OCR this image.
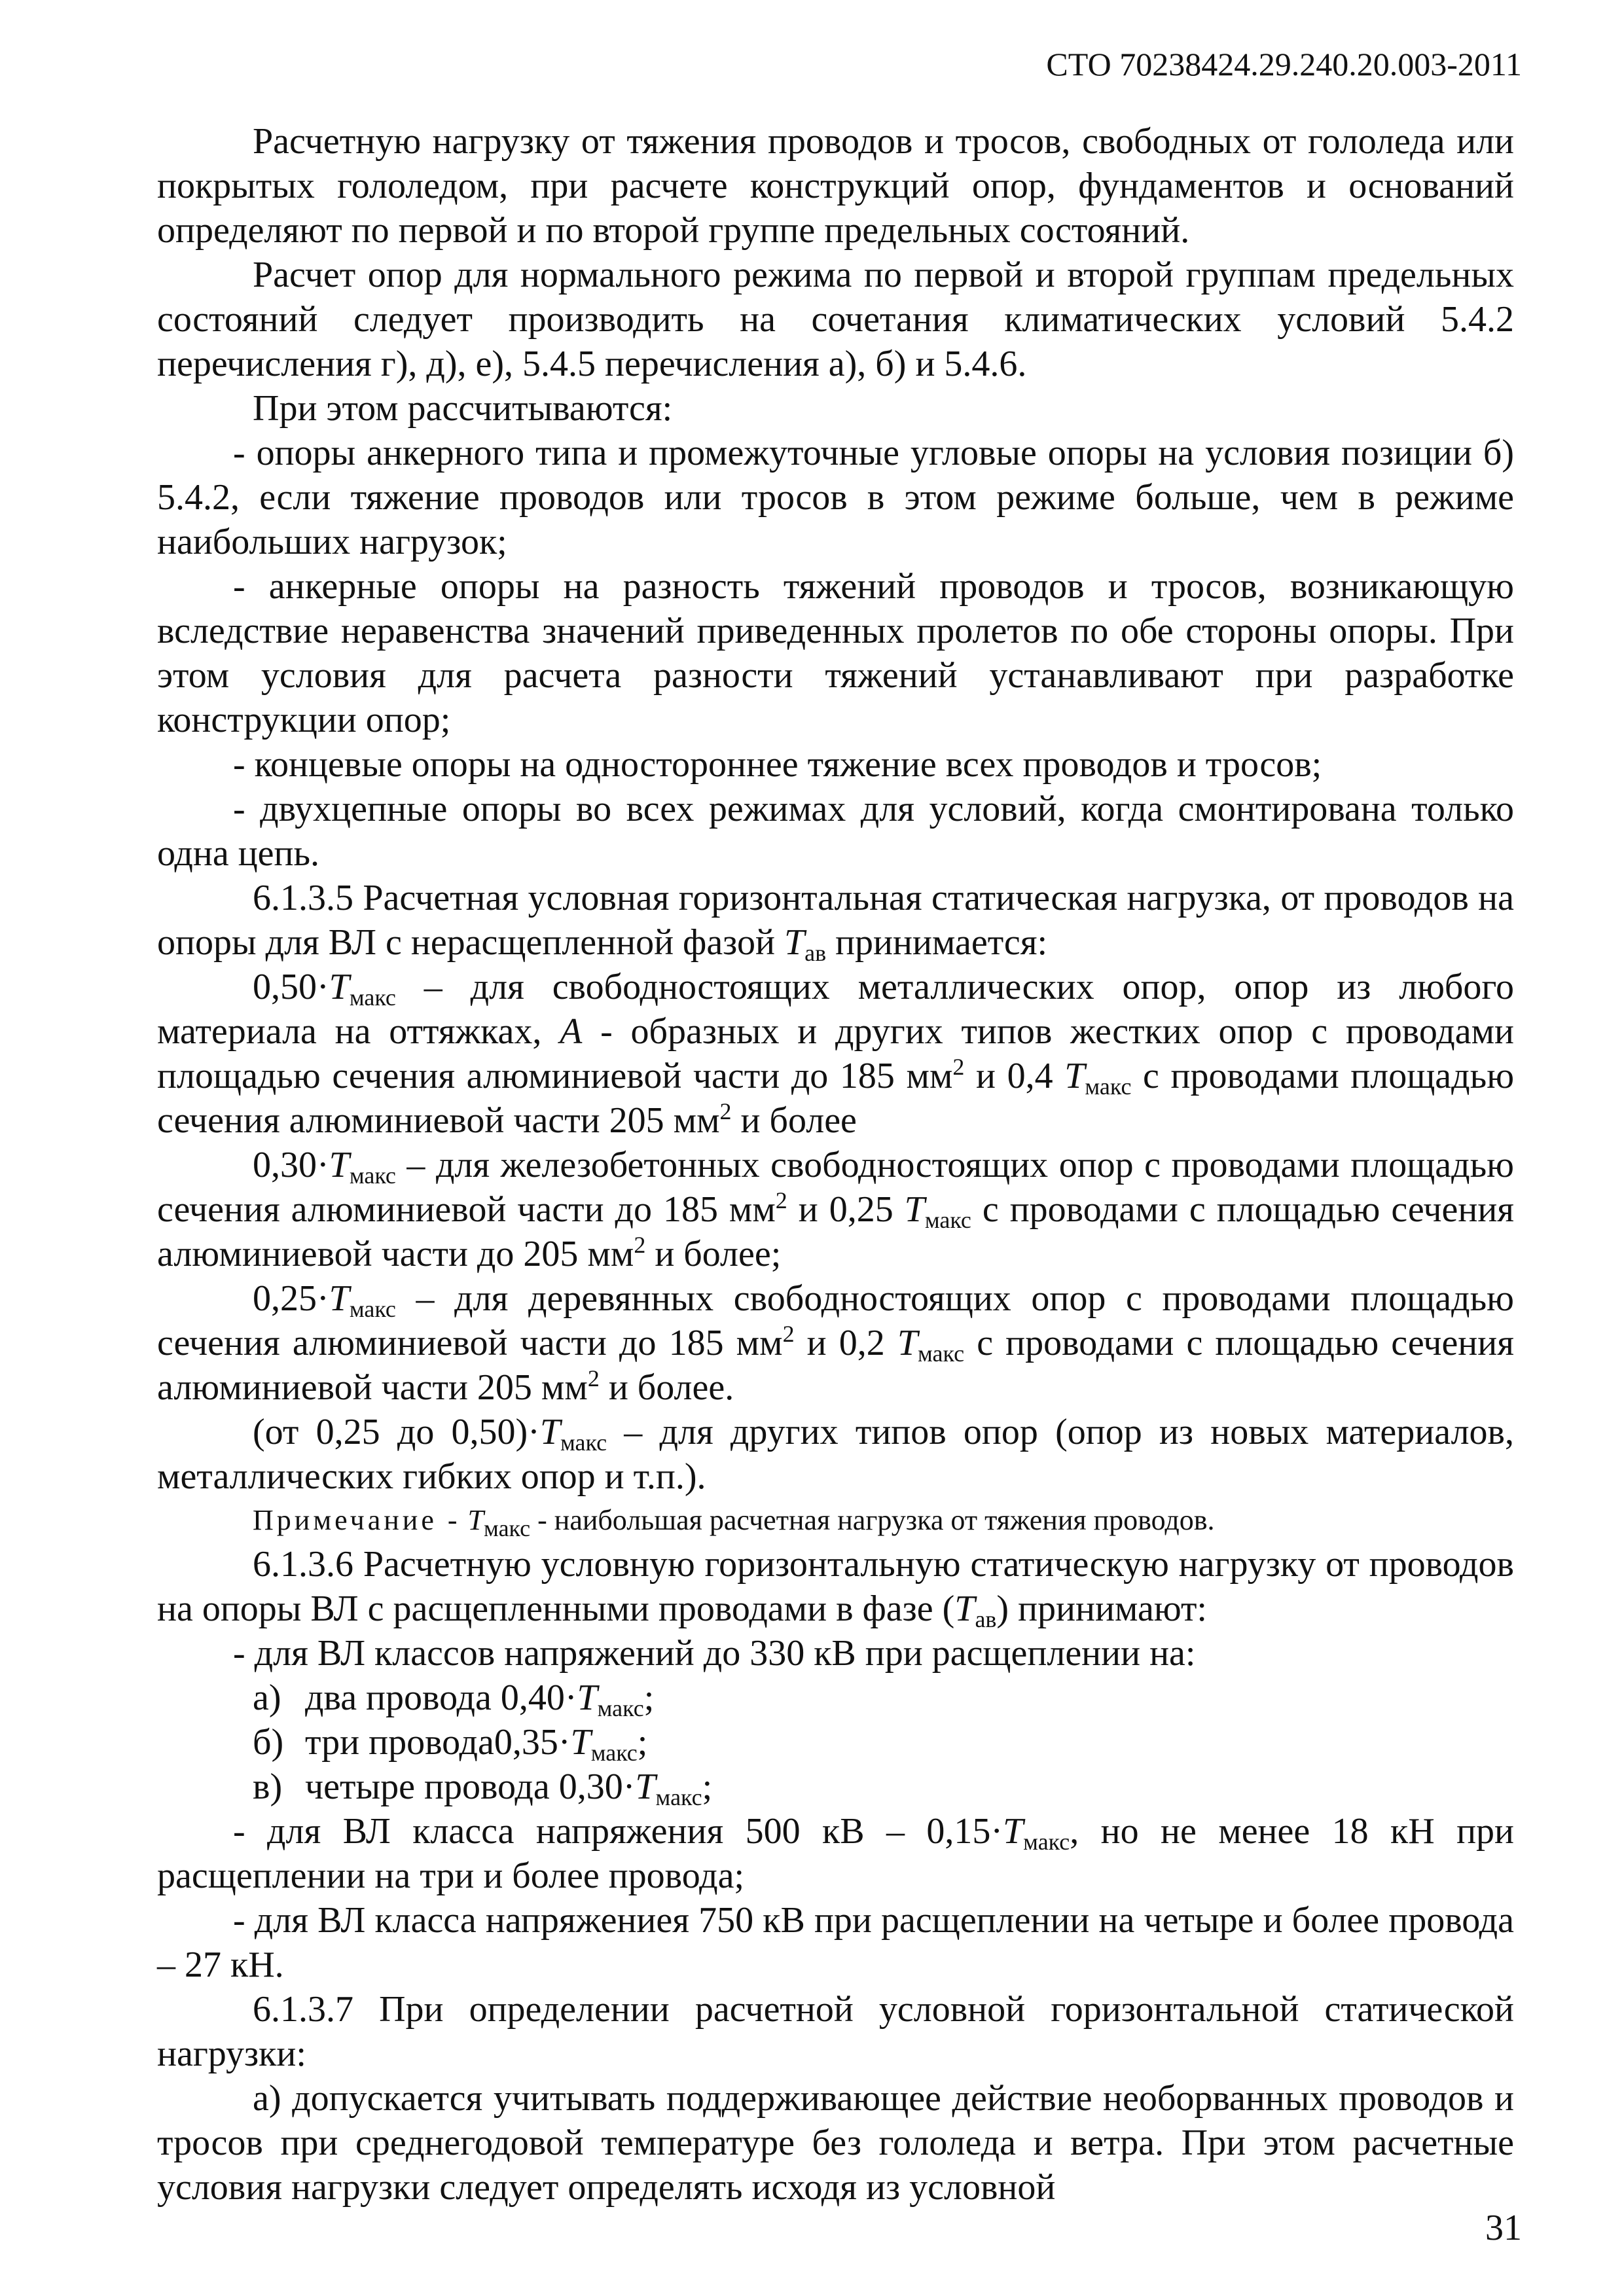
СТО 70238424.29.240.20.003-2011

Расчетную нагрузку от тяжения проводов и тросов, свободных от гололеда или покрытых гололедом, при расчете конструкций опор, фундаментов и оснований определяют по первой и по второй группе предельных состояний.

Расчет опор для нормального режима по первой и второй группам предельных состояний следует производить на сочетания климатических условий 5.4.2 перечисления г), д), е), 5.4.5 перечисления а), б) и 5.4.6.

При этом рассчитываются:

- опоры анкерного типа и промежуточные угловые опоры на условия позиции б) 5.4.2, если тяжение проводов или тросов в этом режиме больше, чем в режиме наибольших нагрузок;

- анкерные опоры на разность тяжений проводов и тросов, возникающую вследствие неравенства значений приведенных пролетов по обе стороны опоры. При этом условия для расчета разности тяжений устанавливают при разработке конструкции опор;

- концевые опоры на одностороннее тяжение всех проводов и тросов;

- двухцепные опоры во всех режимах для условий, когда смонтирована только одна цепь.

6.1.3.5 Расчетная условная горизонтальная статическая нагрузка, от проводов на опоры для ВЛ с нерасщепленной фазой $T_{ав}$ принимается:

$0,50\cdot T_{макс}$ – для свободностоящих металлических опор, опор из любого материала на оттяжках, А - образных и других типов жестких опор с проводами площадью сечения алюминиевой части до 185 $мм^2$ и 0,4 $T_{макс}$ с проводами площадью сечения алюминиевой части 205 $мм^2$ и более

$0,30\cdot T_{макс}$ – для железобетонных свободностоящих опор с проводами площадью сечения алюминиевой части до 185 $мм^2$ и 0,25 $T_{макс}$ с проводами с площадью сечения алюминиевой части до 205 $мм^2$ и более;

$0,25\cdot T_{макс}$ – для деревянных свободностоящих опор с проводами площадью сечения алюминиевой части до 185 $мм^2$ и 0,2 $T_{макс}$ с проводами с площадью сечения алюминиевой части 205 $мм^2$ и более.

(от 0,25 до $0,50)\cdot T_{макс}$ – для других типов опор (опор из новых материалов, металлических гибких опор и т.п.).

Примечание - $T_{макс}$ - наибольшая расчетная нагрузка от тяжения проводов.

6.1.3.6 Расчетную условную горизонтальную статическую нагрузку от проводов на опоры ВЛ с расщепленными проводами в фазе $(T_{ав})$ принимают:

- для ВЛ классов напряжений до 330 кВ при расщеплении на:

а) два провода $0,40\cdot T_{макс}$;

б) три $провода0,35\cdot T_{макс}$;

в) четыре провода $0,30\cdot T_{макс}$;

- для ВЛ класса напряжения 500 кВ – $0,15\cdot T_{макс}$, но не менее 18 кН при расщеплении на три и более провода;

- для ВЛ класса напряжениея 750 кВ при расщеплении на четыре и более провода – 27 кН.

6.1.3.7 При определении расчетной условной горизонтальной статической нагрузки:

а) допускается учитывать поддерживающее действие необорванных проводов и тросов при среднегодовой температуре без гололеда и ветра. При этом расчетные условия нагрузки следует определять исходя из условной

31
